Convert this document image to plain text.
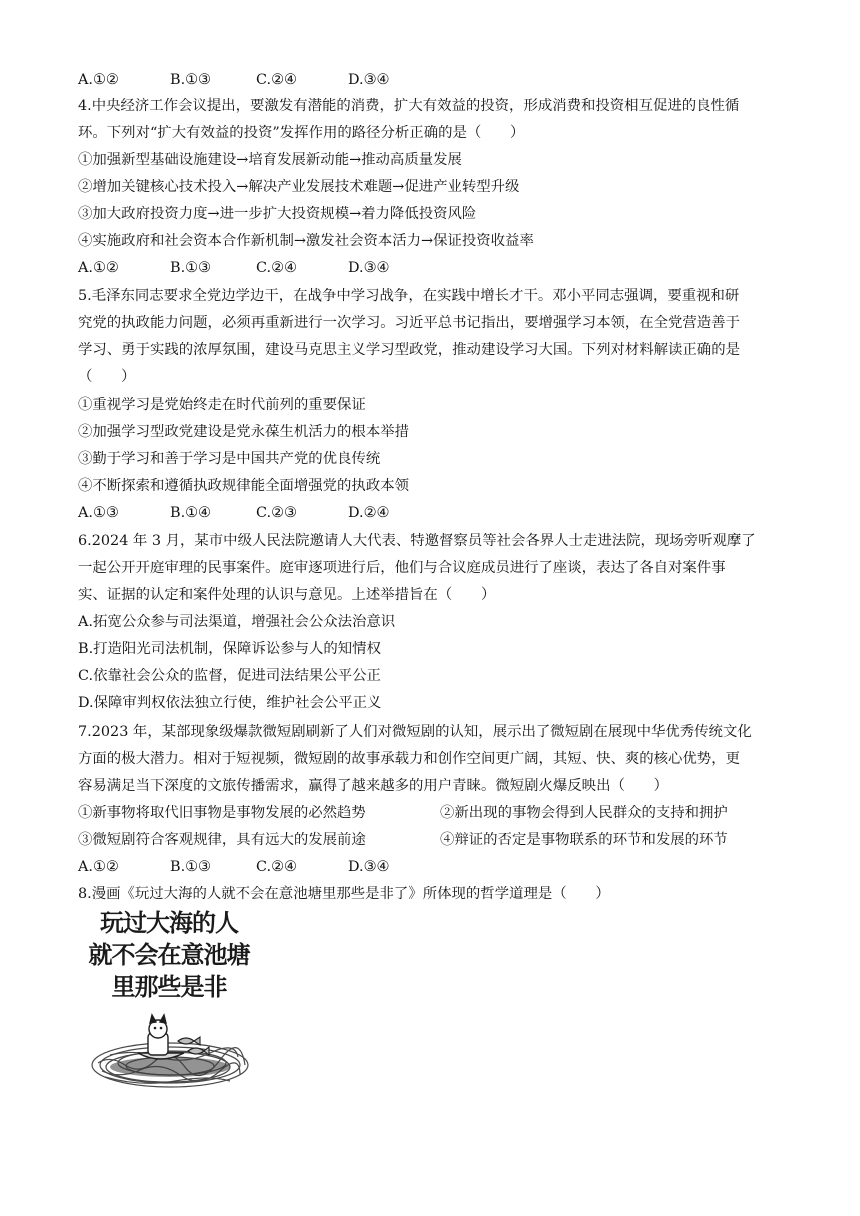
A.①②	B.①③	C.②④	D.③④
4.中央经济工作会议提出，要激发有潜能的消费，扩大有效益的投资，形成消费和投资相互促进的良性循
环。下列对“扩大有效益的投资”发挥作用的路径分析正确的是（　　）
①加强新型基础设施建设→培育发展新动能→推动高质量发展
②增加关键核心技术投入→解决产业发展技术难题→促进产业转型升级
③加大政府投资力度→进一步扩大投资规模→着力降低投资风险
④实施政府和社会资本合作新机制→激发社会资本活力→保证投资收益率
A.①②	B.①③	C.②④	D.③④
5.毛泽东同志要求全党边学边干，在战争中学习战争，在实践中增长才干。邓小平同志强调，要重视和研
究党的执政能力问题，必须再重新进行一次学习。习近平总书记指出，要增强学习本领，在全党营造善于
学习、勇于实践的浓厚氛围，建设马克思主义学习型政党，推动建设学习大国。下列对材料解读正确的是
（　　）
①重视学习是党始终走在时代前列的重要保证
②加强学习型政党建设是党永葆生机活力的根本举措
③勤于学习和善于学习是中国共产党的优良传统
④不断探索和遵循执政规律能全面增强党的执政本领
A.①③	B.①④	C.②③	D.②④
6.2024 年 3 月，某市中级人民法院邀请人大代表、特邀督察员等社会各界人士走进法院，现场旁听观摩了
一起公开开庭审理的民事案件。庭审逐项进行后，他们与合议庭成员进行了座谈，表达了各自对案件事
实、证据的认定和案件处理的认识与意见。上述举措旨在（　　）
A.拓宽公众参与司法渠道，增强社会公众法治意识
B.打造阳光司法机制，保障诉讼参与人的知情权
C.依靠社会公众的监督，促进司法结果公平公正
D.保障审判权依法独立行使，维护社会公平正义
7.2023 年，某部现象级爆款微短剧刷新了人们对微短剧的认知，展示出了微短剧在展现中华优秀传统文化
方面的极大潜力。相对于短视频，微短剧的故事承载力和创作空间更广阔，其短、快、爽的核心优势，更
容易满足当下深度的文旅传播需求，赢得了越来越多的用户青睐。微短剧火爆反映出（　　）
①新事物将取代旧事物是事物发展的必然趋势	②新出现的事物会得到人民群众的支持和拥护
③微短剧符合客观规律，具有远大的发展前途	④辩证的否定是事物联系的环节和发展的环节
A.①②	B.①③	C.②④	D.③④
8.漫画《玩过大海的人就不会在意池塘里那些是非了》所体现的哲学道理是（　　）
玩过大海的人
就不会在意池塘
里那些是非
